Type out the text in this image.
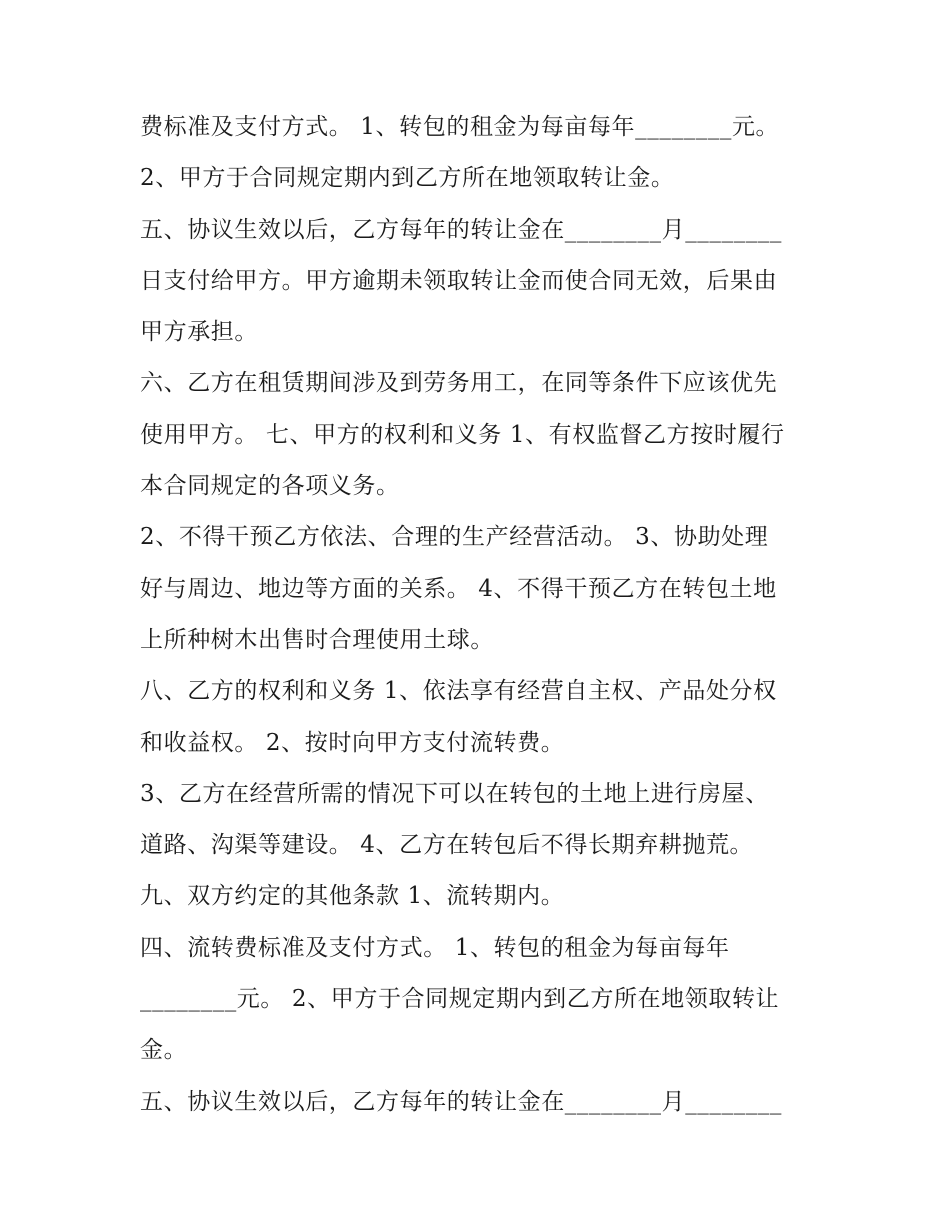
费标准及支付方式。 1、转包的租金为每亩每年________元。
2、甲方于合同规定期内到乙方所在地领取转让金。
五、协议生效以后，乙方每年的转让金在________月________
日支付给甲方。甲方逾期未领取转让金而使合同无效，后果由
甲方承担。
六、乙方在租赁期间涉及到劳务用工，在同等条件下应该优先
使用甲方。 七、甲方的权利和义务 1、有权监督乙方按时履行
本合同规定的各项义务。
2、不得干预乙方依法、合理的生产经营活动。 3、协助处理
好与周边、地边等方面的关系。 4、不得干预乙方在转包土地
上所种树木出售时合理使用土球。
八、乙方的权利和义务 1、依法享有经营自主权、产品处分权
和收益权。 2、按时向甲方支付流转费。
3、乙方在经营所需的情况下可以在转包的土地上进行房屋、
道路、沟渠等建设。 4、乙方在转包后不得长期弃耕抛荒。
九、双方约定的其他条款 1、流转期内。
四、流转费标准及支付方式。 1、转包的租金为每亩每年
________元。 2、甲方于合同规定期内到乙方所在地领取转让
金。
五、协议生效以后，乙方每年的转让金在________月________
